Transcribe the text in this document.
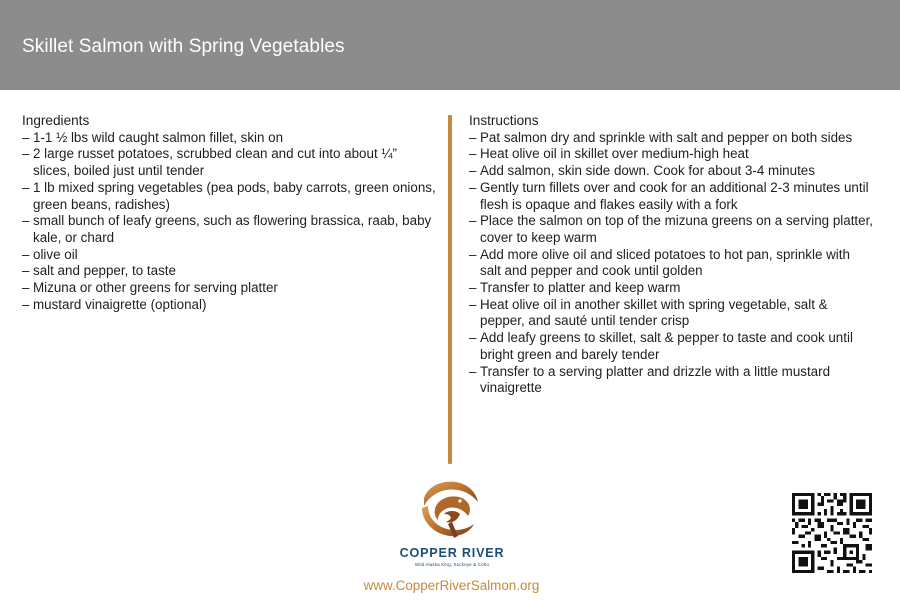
Skillet Salmon with Spring Vegetables
Ingredients
– 1-1 ½ lbs wild caught salmon fillet, skin on
– 2 large russet potatoes, scrubbed clean and cut into about ¼” slices, boiled just until tender
– 1 lb mixed spring vegetables (pea pods, baby carrots, green onions, green beans, radishes)
– small bunch of leafy greens, such as flowering brassica, raab, baby kale, or chard
– olive oil
– salt and pepper, to taste
– Mizuna or other greens for serving platter
– mustard vinaigrette (optional)
Instructions
– Pat salmon dry and sprinkle with salt and pepper on both sides
– Heat olive oil in skillet over medium-high heat
– Add salmon, skin side down. Cook for about 3-4 minutes
– Gently turn fillets over and cook for an additional 2-3 minutes until flesh is opaque and flakes easily with a fork
– Place the salmon on top of the mizuna greens on a serving platter, cover to keep warm
– Add more olive oil and sliced potatoes to hot pan, sprinkle with salt and pepper and cook until golden
– Transfer to platter and keep warm
– Heat olive oil in another skillet with spring vegetable, salt & pepper, and sauté until tender crisp
– Add leafy greens to skillet, salt & pepper to taste and cook until bright green and barely tender
– Transfer to a serving platter and drizzle with a little mustard vinaigrette
COPPER RIVER
Wild Alaska King, Sockeye & Coho
www.CopperRiverSalmon.org
